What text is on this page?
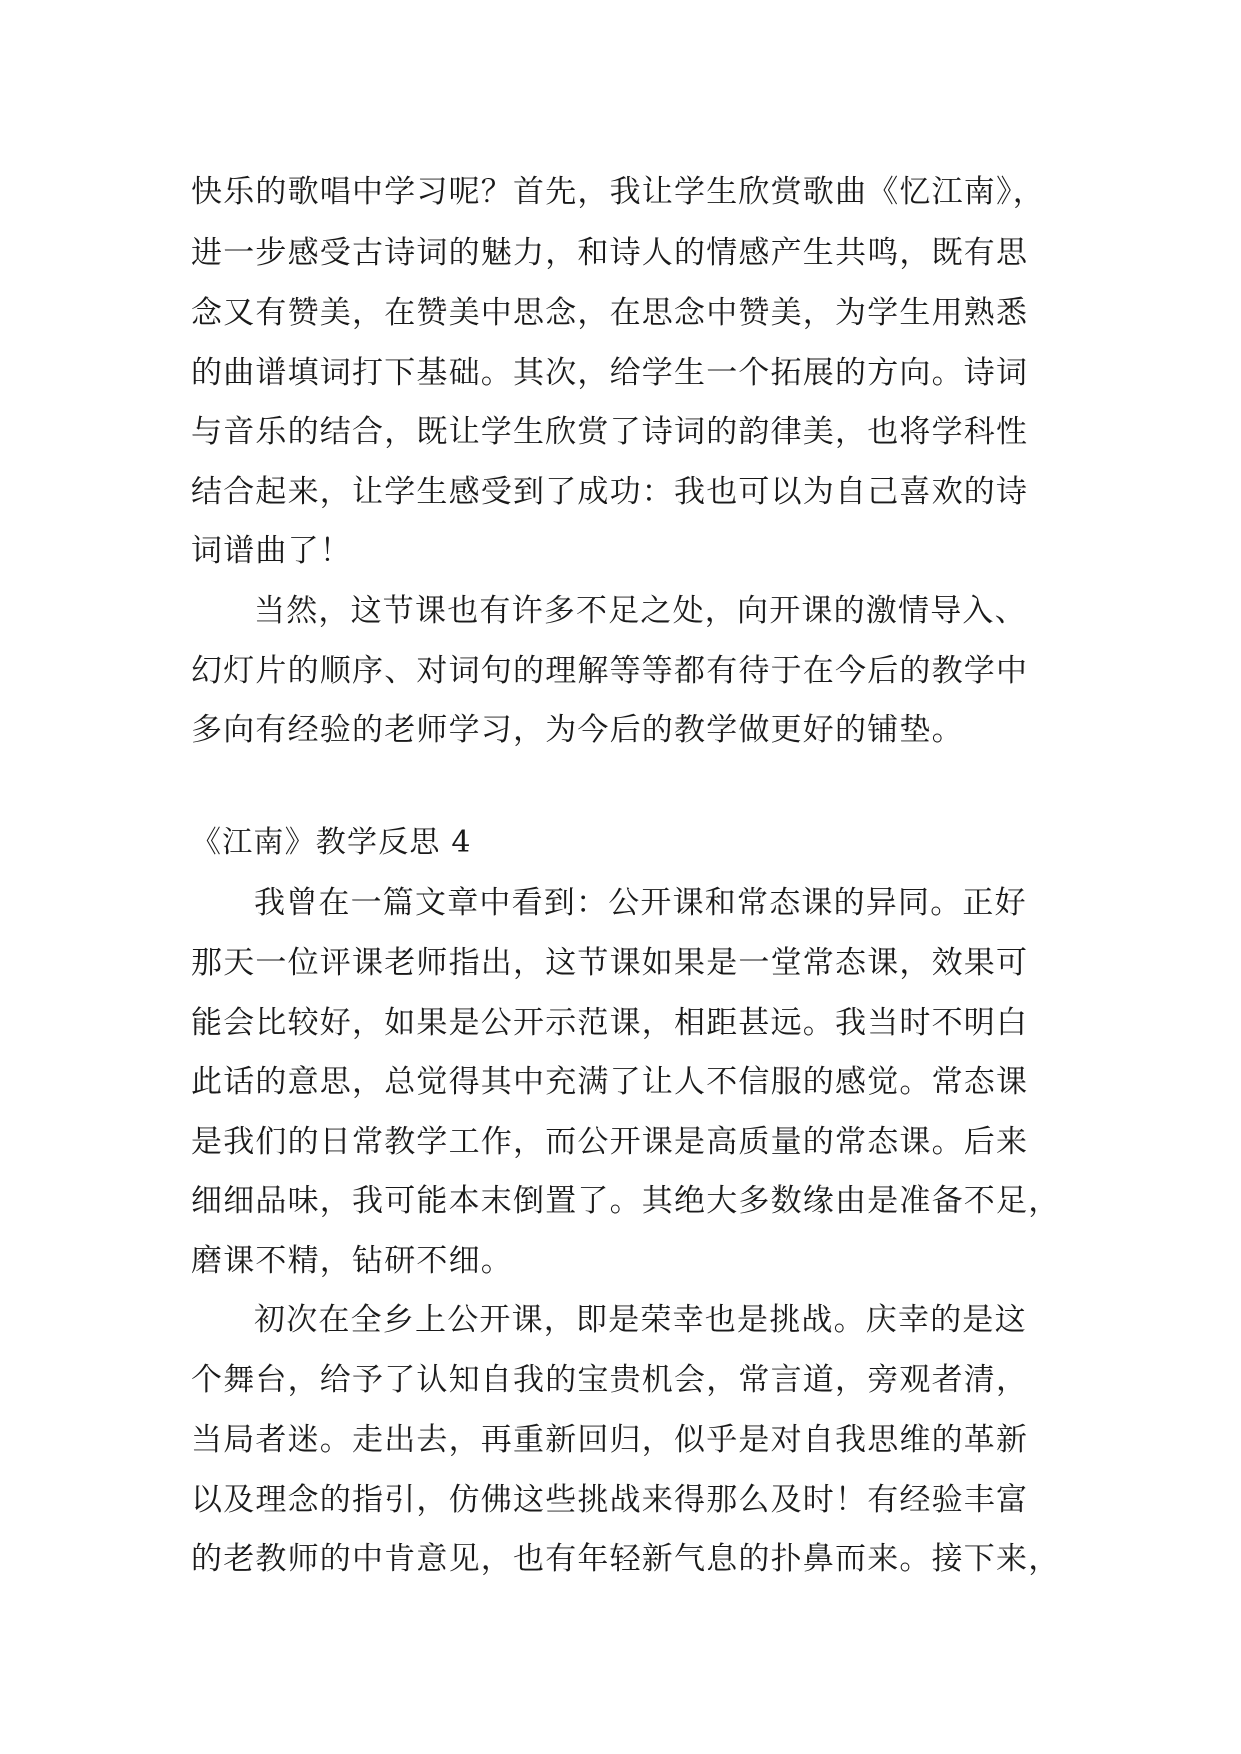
快乐的歌唱中学习呢？首先，我让学生欣赏歌曲《忆江南》，

进一步感受古诗词的魅力，和诗人的情感产生共鸣，既有思

念又有赞美，在赞美中思念，在思念中赞美，为学生用熟悉

的曲谱填词打下基础。其次，给学生一个拓展的方向。诗词

与音乐的结合，既让学生欣赏了诗词的韵律美，也将学科性

结合起来，让学生感受到了成功：我也可以为自己喜欢的诗

词谱曲了！

当然，这节课也有许多不足之处，向开课的激情导入、

幻灯片的顺序、对词句的理解等等都有待于在今后的教学中

多向有经验的老师学习，为今后的教学做更好的铺垫。

《江南》教学反思 4

我曾在一篇文章中看到：公开课和常态课的异同。正好

那天一位评课老师指出，这节课如果是一堂常态课，效果可

能会比较好，如果是公开示范课，相距甚远。我当时不明白

此话的意思，总觉得其中充满了让人不信服的感觉。常态课

是我们的日常教学工作，而公开课是高质量的常态课。后来

细细品味，我可能本末倒置了。其绝大多数缘由是准备不足，

磨课不精，钻研不细。

初次在全乡上公开课，即是荣幸也是挑战。庆幸的是这

个舞台，给予了认知自我的宝贵机会，常言道，旁观者清，

当局者迷。走出去，再重新回归，似乎是对自我思维的革新

以及理念的指引，仿佛这些挑战来得那么及时！有经验丰富

的老教师的中肯意见，也有年轻新气息的扑鼻而来。接下来，
